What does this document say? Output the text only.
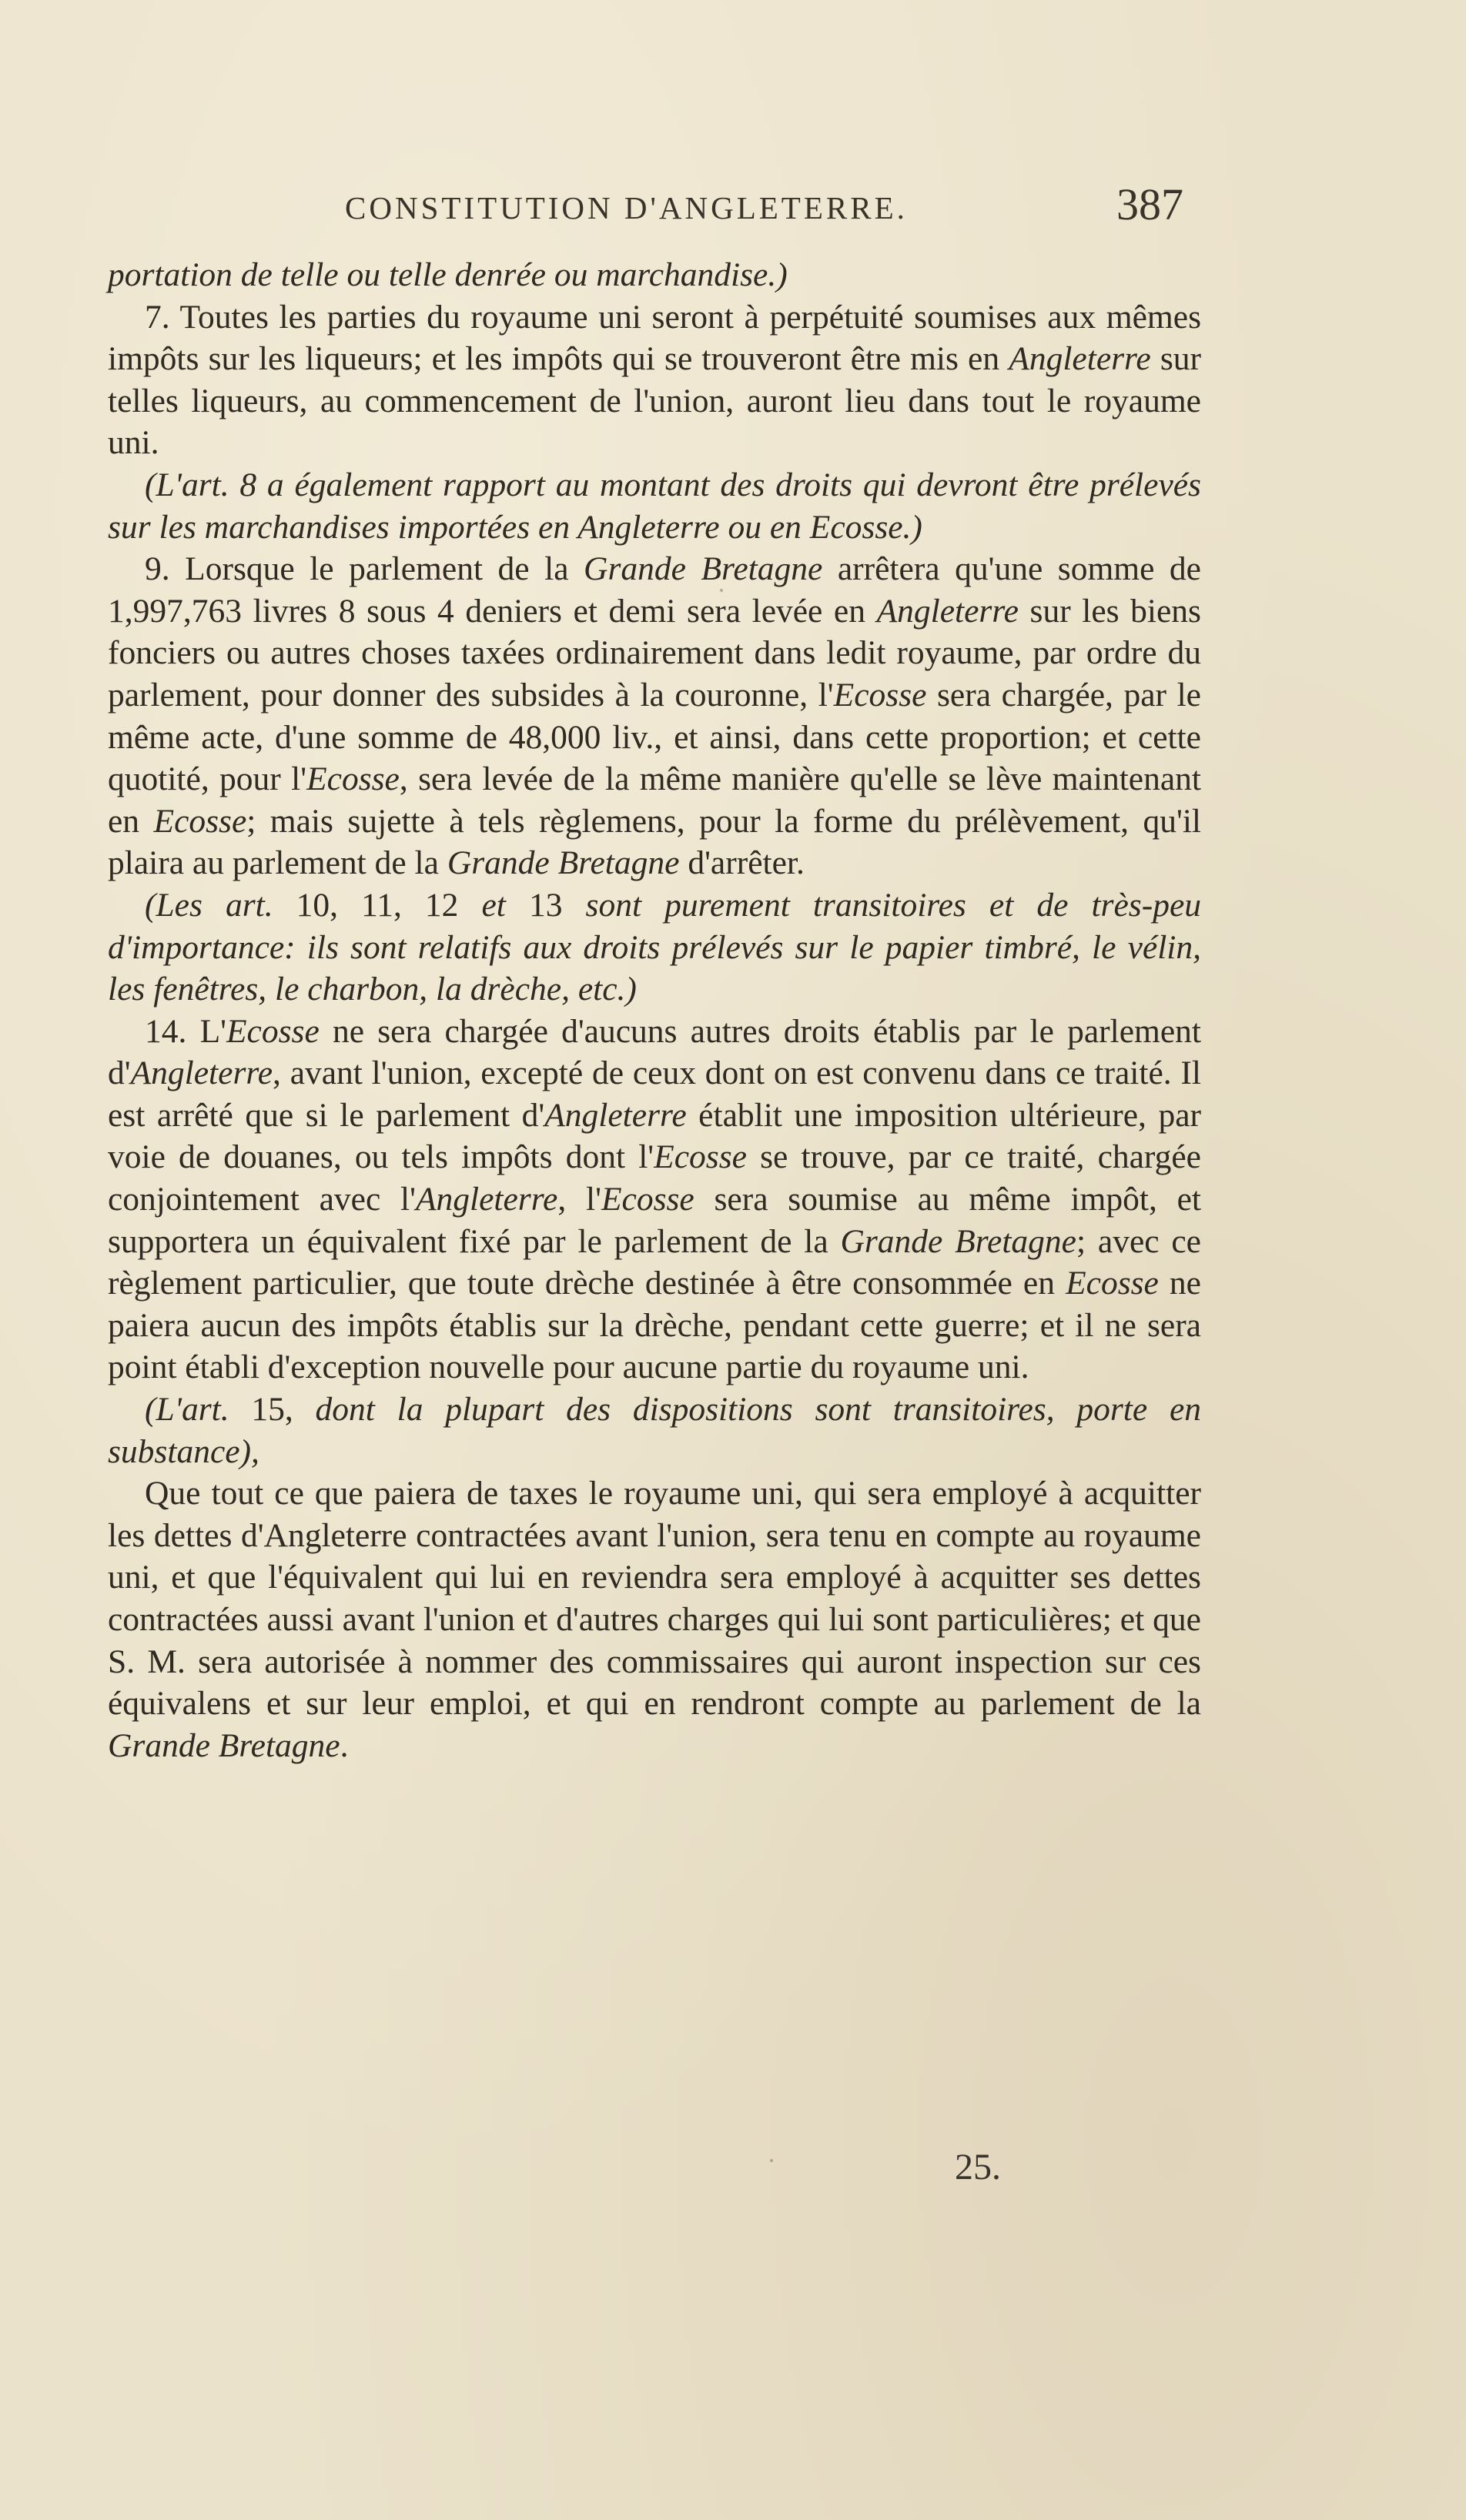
CONSTITUTION D'ANGLETERRE.	387

portation de telle ou telle denrée ou marchandise.)

7. Toutes les parties du royaume uni seront à perpétuité soumises aux mêmes impôts sur les liqueurs; et les impôts qui se trouveront être mis en Angleterre sur telles liqueurs, au commencement de l'union, auront lieu dans tout le royaume uni.

(L'art. 8 a également rapport au montant des droits qui devront être prélevés sur les marchandises importées en Angleterre ou en Ecosse.)

9. Lorsque le parlement de la Grande Bretagne arrêtera qu'une somme de 1,997,763 livres 8 sous 4 deniers et demi sera levée en Angleterre sur les biens fonciers ou autres choses taxées ordinairement dans ledit royaume, par ordre du parlement, pour donner des subsides à la couronne, l'Ecosse sera chargée, par le même acte, d'une somme de 48,000 liv., et ainsi, dans cette proportion; et cette quotité, pour l'Ecosse, sera levée de la même manière qu'elle se lève maintenant en Ecosse; mais sujette à tels règlemens, pour la forme du prélèvement, qu'il plaira au parlement de la Grande Bretagne d'arrêter.

(Les art. 10, 11, 12 et 13 sont purement transitoires et de très-peu d'importance: ils sont relatifs aux droits prélevés sur le papier timbré, le vélin, les fenêtres, le charbon, la drèche, etc.)

14. L'Ecosse ne sera chargée d'aucuns autres droits établis par le parlement d'Angleterre, avant l'union, excepté de ceux dont on est convenu dans ce traité. Il est arrêté que si le parlement d'Angleterre établit une imposition ultérieure, par voie de douanes, ou tels impôts dont l'Ecosse se trouve, par ce traité, chargée conjointement avec l'Angleterre, l'Ecosse sera soumise au même impôt, et supportera un équivalent fixé par le parlement de la Grande Bretagne; avec ce règlement particulier, que toute drèche destinée à être consommée en Ecosse ne paiera aucun des impôts établis sur la drèche, pendant cette guerre; et il ne sera point établi d'exception nouvelle pour aucune partie du royaume uni.

(L'art. 15, dont la plupart des dispositions sont transitoires, porte en substance),

Que tout ce que paiera de taxes le royaume uni, qui sera employé à acquitter les dettes d'Angleterre contractées avant l'union, sera tenu en compte au royaume uni, et que l'équivalent qui lui en reviendra sera employé à acquitter ses dettes contractées aussi avant l'union et d'autres charges qui lui sont particulières; et que S. M. sera autorisée à nommer des commissaires qui auront inspection sur ces équivalens et sur leur emploi, et qui en rendront compte au parlement de la Grande Bretagne.

25.
